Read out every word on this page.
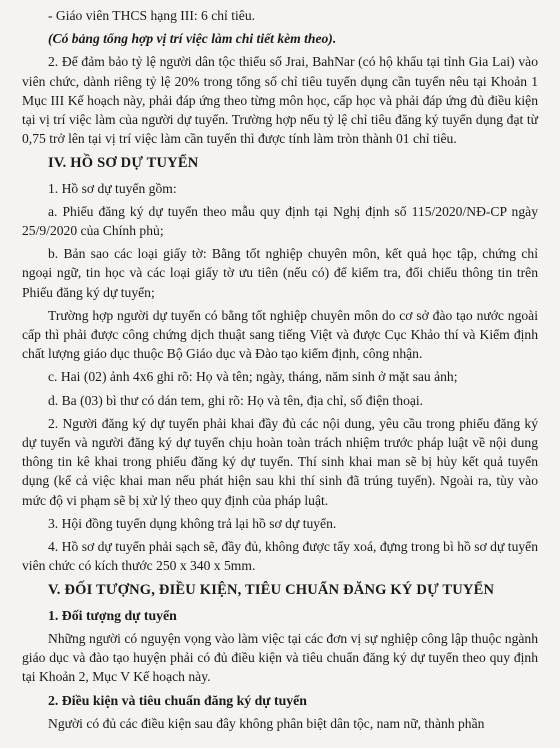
- Giáo viên THCS hạng III: 6 chỉ tiêu.

(Có bảng tổng hợp vị trí việc làm chi tiết kèm theo).

2. Để đảm bảo tỷ lệ người dân tộc thiểu số Jrai, BahNar (có hộ khẩu tại tỉnh Gia Lai) vào viên chức, dành riêng tỷ lệ 20% trong tổng số chỉ tiêu tuyển dụng cần tuyển nêu tại Khoản 1 Mục III Kế hoạch này, phải đáp ứng theo từng môn học, cấp học và phải đáp ứng đủ điều kiện tại vị trí việc làm của người dự tuyển. Trường hợp nếu tỷ lệ chỉ tiêu đăng ký tuyển dụng đạt từ 0,75 trở lên tại vị trí việc làm cần tuyển thì được tính làm tròn thành 01 chỉ tiêu.

IV. HỒ SƠ DỰ TUYỂN

1. Hồ sơ dự tuyển gồm:

a. Phiếu đăng ký dự tuyển theo mẫu quy định tại Nghị định số 115/2020/NĐ-CP ngày 25/9/2020 của Chính phủ;

b. Bản sao các loại giấy tờ: Bằng tốt nghiệp chuyên môn, kết quả học tập, chứng chỉ ngoại ngữ, tin học và các loại giấy tờ ưu tiên (nếu có) để kiểm tra, đối chiếu thông tin trên Phiếu đăng ký dự tuyển;

Trường hợp người dự tuyển có bằng tốt nghiệp chuyên môn do cơ sở đào tạo nước ngoài cấp thì phải được công chứng dịch thuật sang tiếng Việt và được Cục Khảo thí và Kiểm định chất lượng giáo dục thuộc Bộ Giáo dục và Đào tạo kiểm định, công nhận.

c. Hai (02) ảnh 4x6 ghi rõ: Họ và tên; ngày, tháng, năm sinh ở mặt sau ảnh;

d. Ba (03) bì thư có dán tem, ghi rõ: Họ và tên, địa chỉ, số điện thoại.

2. Người đăng ký dự tuyển phải khai đầy đủ các nội dung, yêu cầu trong phiếu đăng ký dự tuyển và người đăng ký dự tuyển chịu hoàn toàn trách nhiệm trước pháp luật về nội dung thông tin kê khai trong phiếu đăng ký dự tuyển. Thí sinh khai man sẽ bị hủy kết quả tuyển dụng (kể cả việc khai man nếu phát hiện sau khi thí sinh đã trúng tuyển). Ngoài ra, tùy vào mức độ vi phạm sẽ bị xử lý theo quy định của pháp luật.

3. Hội đồng tuyển dụng không trả lại hồ sơ dự tuyển.

4. Hồ sơ dự tuyển phải sạch sẽ, đầy đủ, không được tẩy xoá, đựng trong bì hồ sơ dự tuyển viên chức có kích thước 250 x 340 x 5mm.

V. ĐỐI TƯỢNG, ĐIỀU KIỆN, TIÊU CHUẨN ĐĂNG KÝ DỰ TUYỂN
1. Đối tượng dự tuyển

Những người có nguyện vọng vào làm việc tại các đơn vị sự nghiệp công lập thuộc ngành giáo dục và đào tạo huyện phải có đủ điều kiện và tiêu chuẩn đăng ký dự tuyển theo quy định tại Khoản 2, Mục V Kế hoạch này.

2. Điều kiện và tiêu chuẩn đăng ký dự tuyển

Người có đủ các điều kiện sau đây không phân biệt dân tộc, nam nữ, thành phần
